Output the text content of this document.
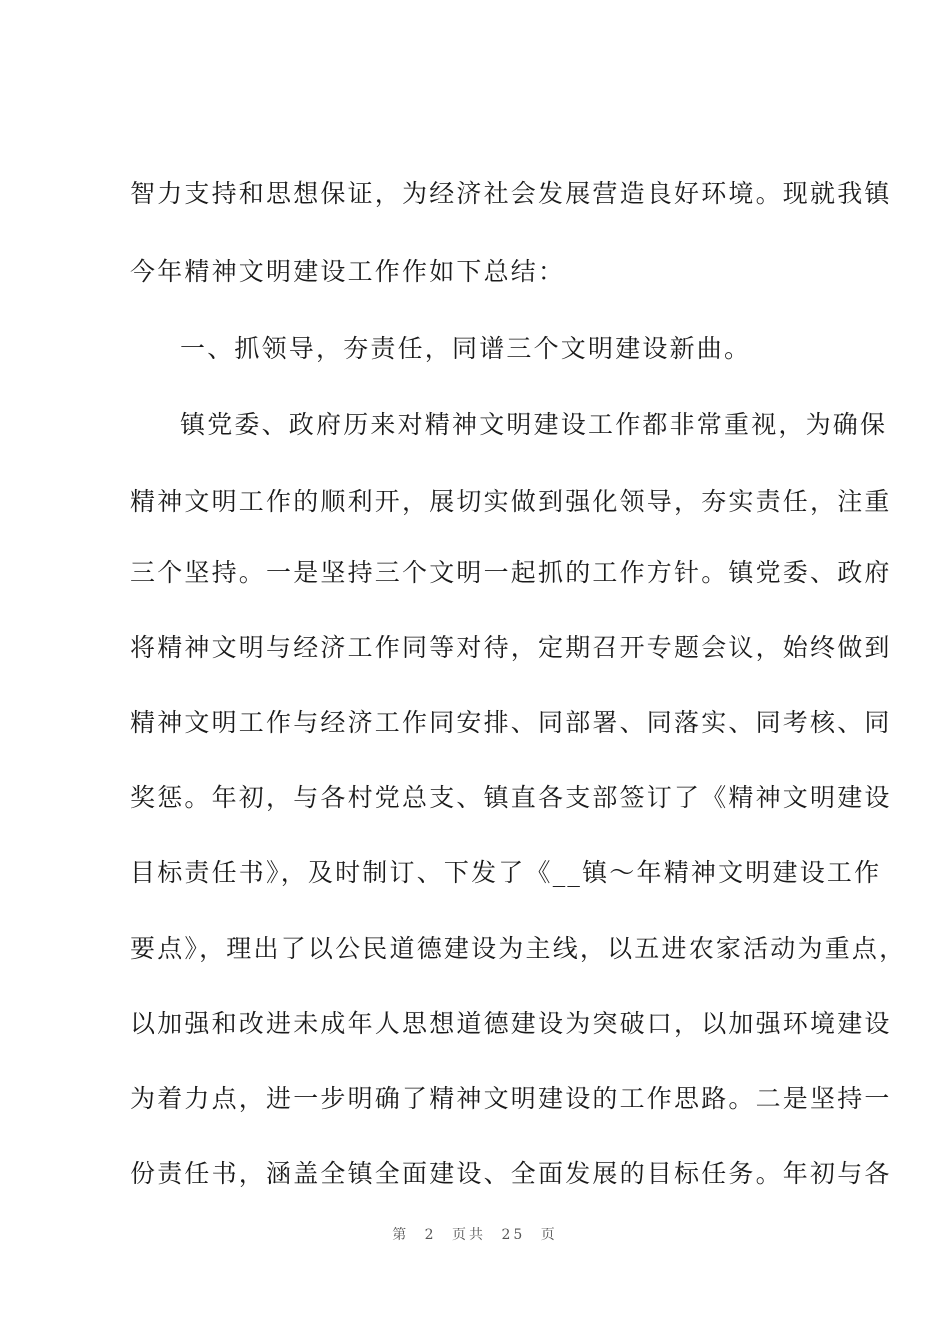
智力支持和思想保证，为经济社会发展营造良好环境。现就我镇
今年精神文明建设工作作如下总结：
一、抓领导，夯责任，同谱三个文明建设新曲。
镇党委、政府历来对精神文明建设工作都非常重视，为确保
精神文明工作的顺利开，展切实做到强化领导，夯实责任，注重
三个坚持。一是坚持三个文明一起抓的工作方针。镇党委、政府
将精神文明与经济工作同等对待，定期召开专题会议，始终做到
精神文明工作与经济工作同安排、同部署、同落实、同考核、同
奖惩。年初，与各村党总支、镇直各支部签订了《精神文明建设
目标责任书》，及时制订、下发了《__镇～年精神文明建设工作
要点》，理出了以公民道德建设为主线，以五进农家活动为重点，
以加强和改进未成年人思想道德建设为突破口，以加强环境建设
为着力点，进一步明确了精神文明建设的工作思路。二是坚持一
份责任书，涵盖全镇全面建设、全面发展的目标任务。年初与各
第 2 页共 25 页
